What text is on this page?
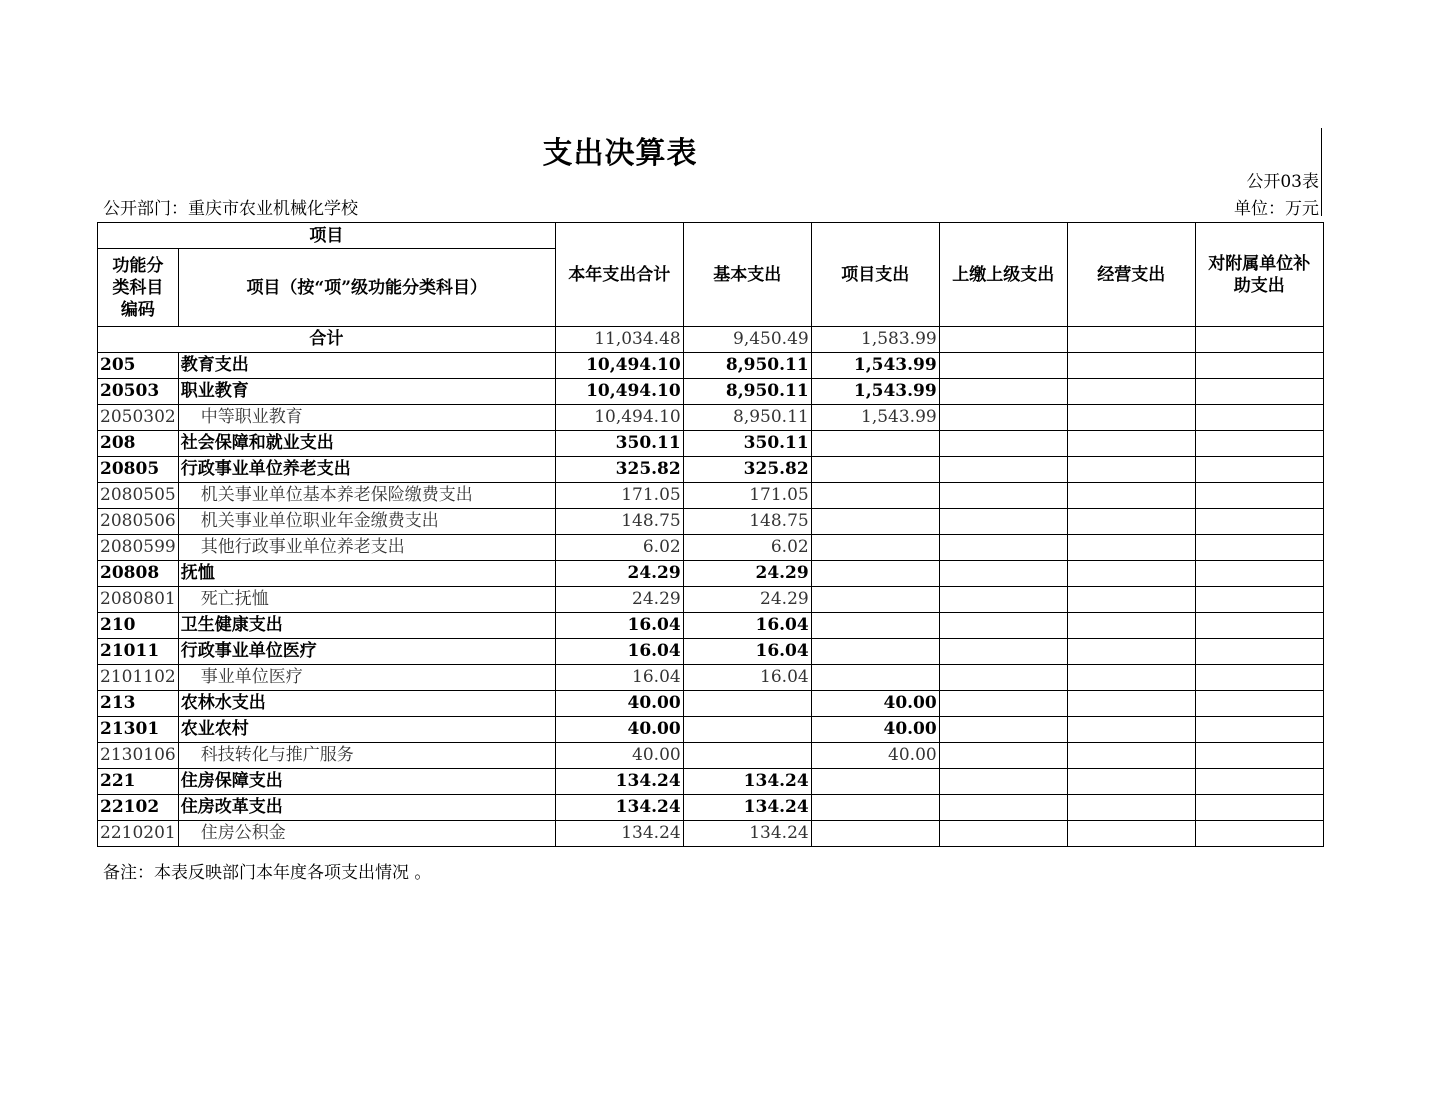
支出决算表
公开03表
公开部门：重庆市农业机械化学校	单位：万元
项目		本年支出合计	基本支出	项目支出	上缴上级支出	经营支出	对附属单位补助支出
功能分类科目编码	项目（按“项”级功能分类科目）						
合计		11,034.48	9,450.49	1,583.99			
205	教育支出	10,494.10	8,950.11	1,543.99			
20503	职业教育	10,494.10	8,950.11	1,543.99			
2050302	中等职业教育	10,494.10	8,950.11	1,543.99			
208	社会保障和就业支出	350.11	350.11				
20805	行政事业单位养老支出	325.82	325.82				
2080505	机关事业单位基本养老保险缴费支出	171.05	171.05				
2080506	机关事业单位职业年金缴费支出	148.75	148.75				
2080599	其他行政事业单位养老支出	6.02	6.02				
20808	抚恤	24.29	24.29				
2080801	死亡抚恤	24.29	24.29				
210	卫生健康支出	16.04	16.04				
21011	行政事业单位医疗	16.04	16.04				
2101102	事业单位医疗	16.04	16.04				
213	农林水支出	40.00		40.00			
21301	农业农村	40.00		40.00			
2130106	科技转化与推广服务	40.00		40.00			
221	住房保障支出	134.24	134.24				
22102	住房改革支出	134.24	134.24				
2210201	住房公积金	134.24	134.24				
备注：本表反映部门本年度各项支出情况 。
